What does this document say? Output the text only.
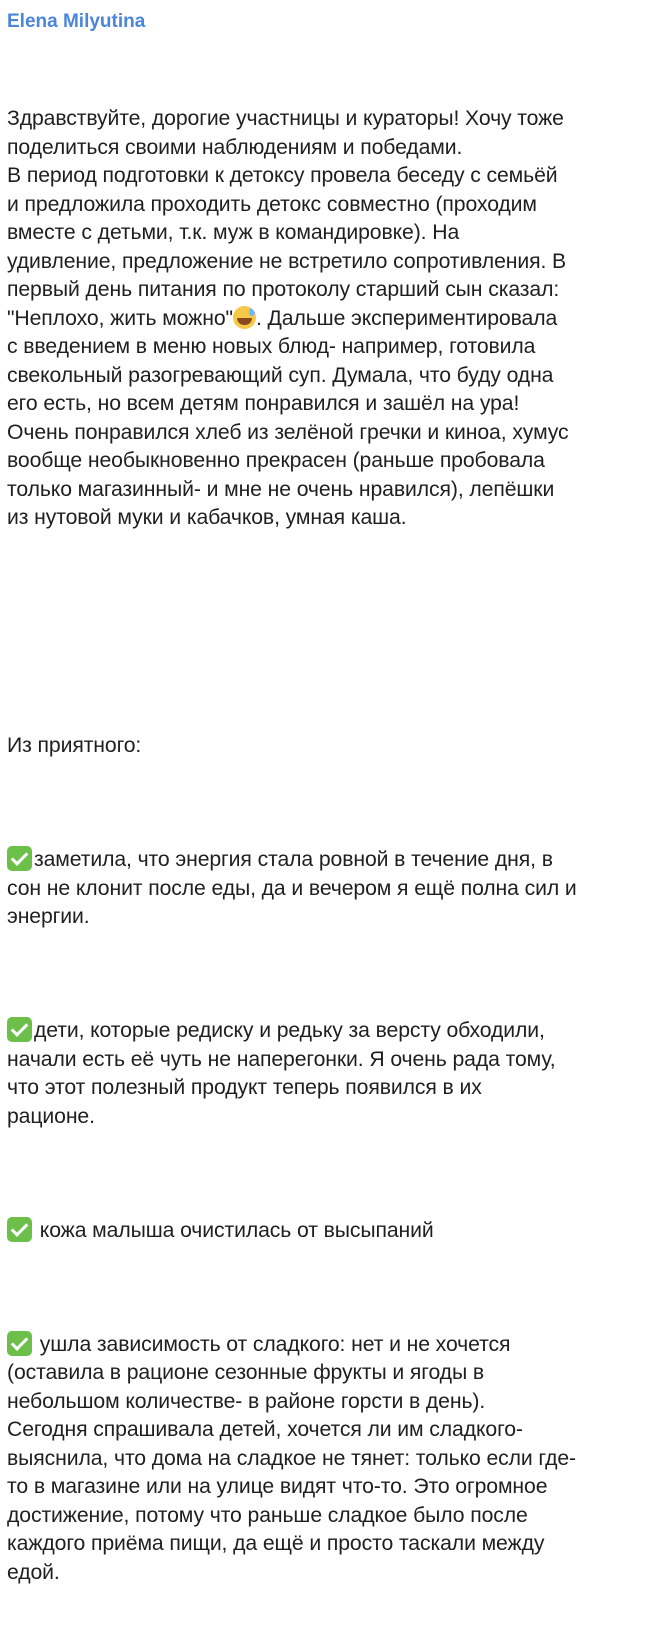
Elena Milyutina

Здравствуйте, дорогие участницы и кураторы! Хочу тоже
поделиться своими наблюдениям и победами.
В период подготовки к детоксу провела беседу с семьёй
и предложила проходить детокс совместно (проходим
вместе с детьми, т.к. муж в командировке). На
удивление, предложение не встретило сопротивления. В
первый день питания по протоколу старший сын сказал:
"Неплохо, жить можно" . Дальше экспериментировала
с введением в меню новых блюд- например, готовила
свекольный разогревающий суп. Думала, что буду одна
его есть, но всем детям понравился и зашёл на ура!
Очень понравился хлеб из зелёной гречки и киноа, хумус
вообще необыкновенно прекрасен (раньше пробовала
только магазинный- и мне не очень нравился), лепёшки
из нутовой муки и кабачков, умная каша.

Из приятного:

заметила, что энергия стала ровной в течение дня, в
сон не клонит после еды, да и вечером я ещё полна сил и
энергии.

дети, которые редиску и редьку за версту обходили,
начали есть её чуть не наперегонки. Я очень рада тому,
что этот полезный продукт теперь появился в их
рационе.

кожа малыша очистилась от высыпаний

ушла зависимость от сладкого: нет и не хочется
(оставила в рационе сезонные фрукты и ягоды в
небольшом количестве- в районе горсти в день).
Сегодня спрашивала детей, хочется ли им сладкого-
выяснила, что дома на сладкое не тянет: только если где-
то в магазине или на улице видят что-то. Это огромное
достижение, потому что раньше сладкое было после
каждого приёма пищи, да ещё и просто таскали между
едой.
